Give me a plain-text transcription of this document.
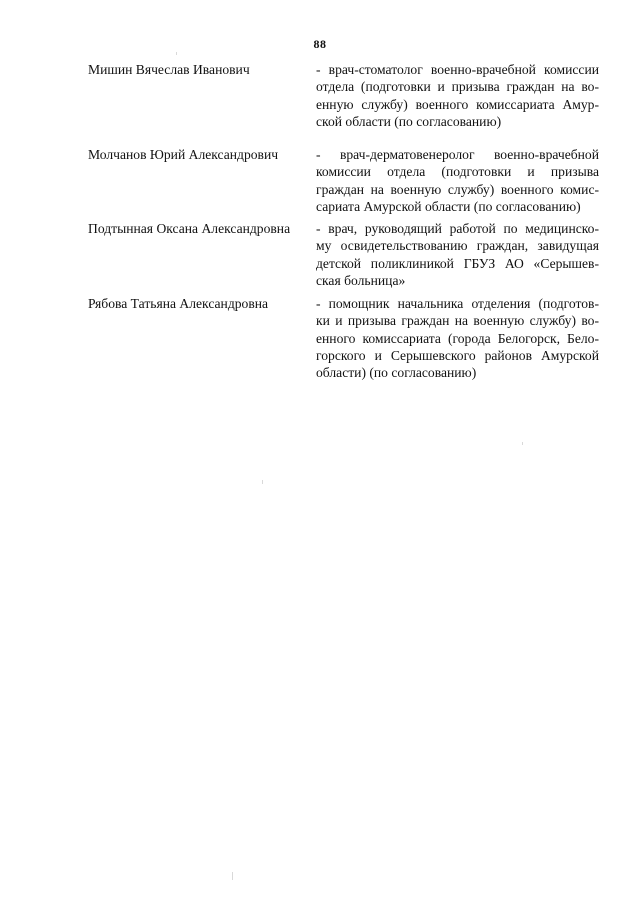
88
Мишин Вячеслав Иванович	- врач-стоматолог военно-врачебной комиссии
отдела (подготовки и призыва граждан на во-
енную службу) военного комиссариата Амур-
ской области (по согласованию)
Молчанов Юрий Александрович	- врач-дерматовенеролог военно-врачебной
комиссии отдела (подготовки и призыва
граждан на военную службу) военного комис-
сариата Амурской области (по согласованию)
Подтынная Оксана Александровна	- врач, руководящий работой по медицинско-
му освидетельствованию граждан, завидущая
детской поликлиникой ГБУЗ АО «Серышев-
ская больница»
Рябова Татьяна Александровна	- помощник начальника отделения (подготов-
ки и призыва граждан на военную службу) во-
енного комиссариата (города Белогорск, Бело-
горского и Серышевского районов Амурской
области) (по согласованию)
